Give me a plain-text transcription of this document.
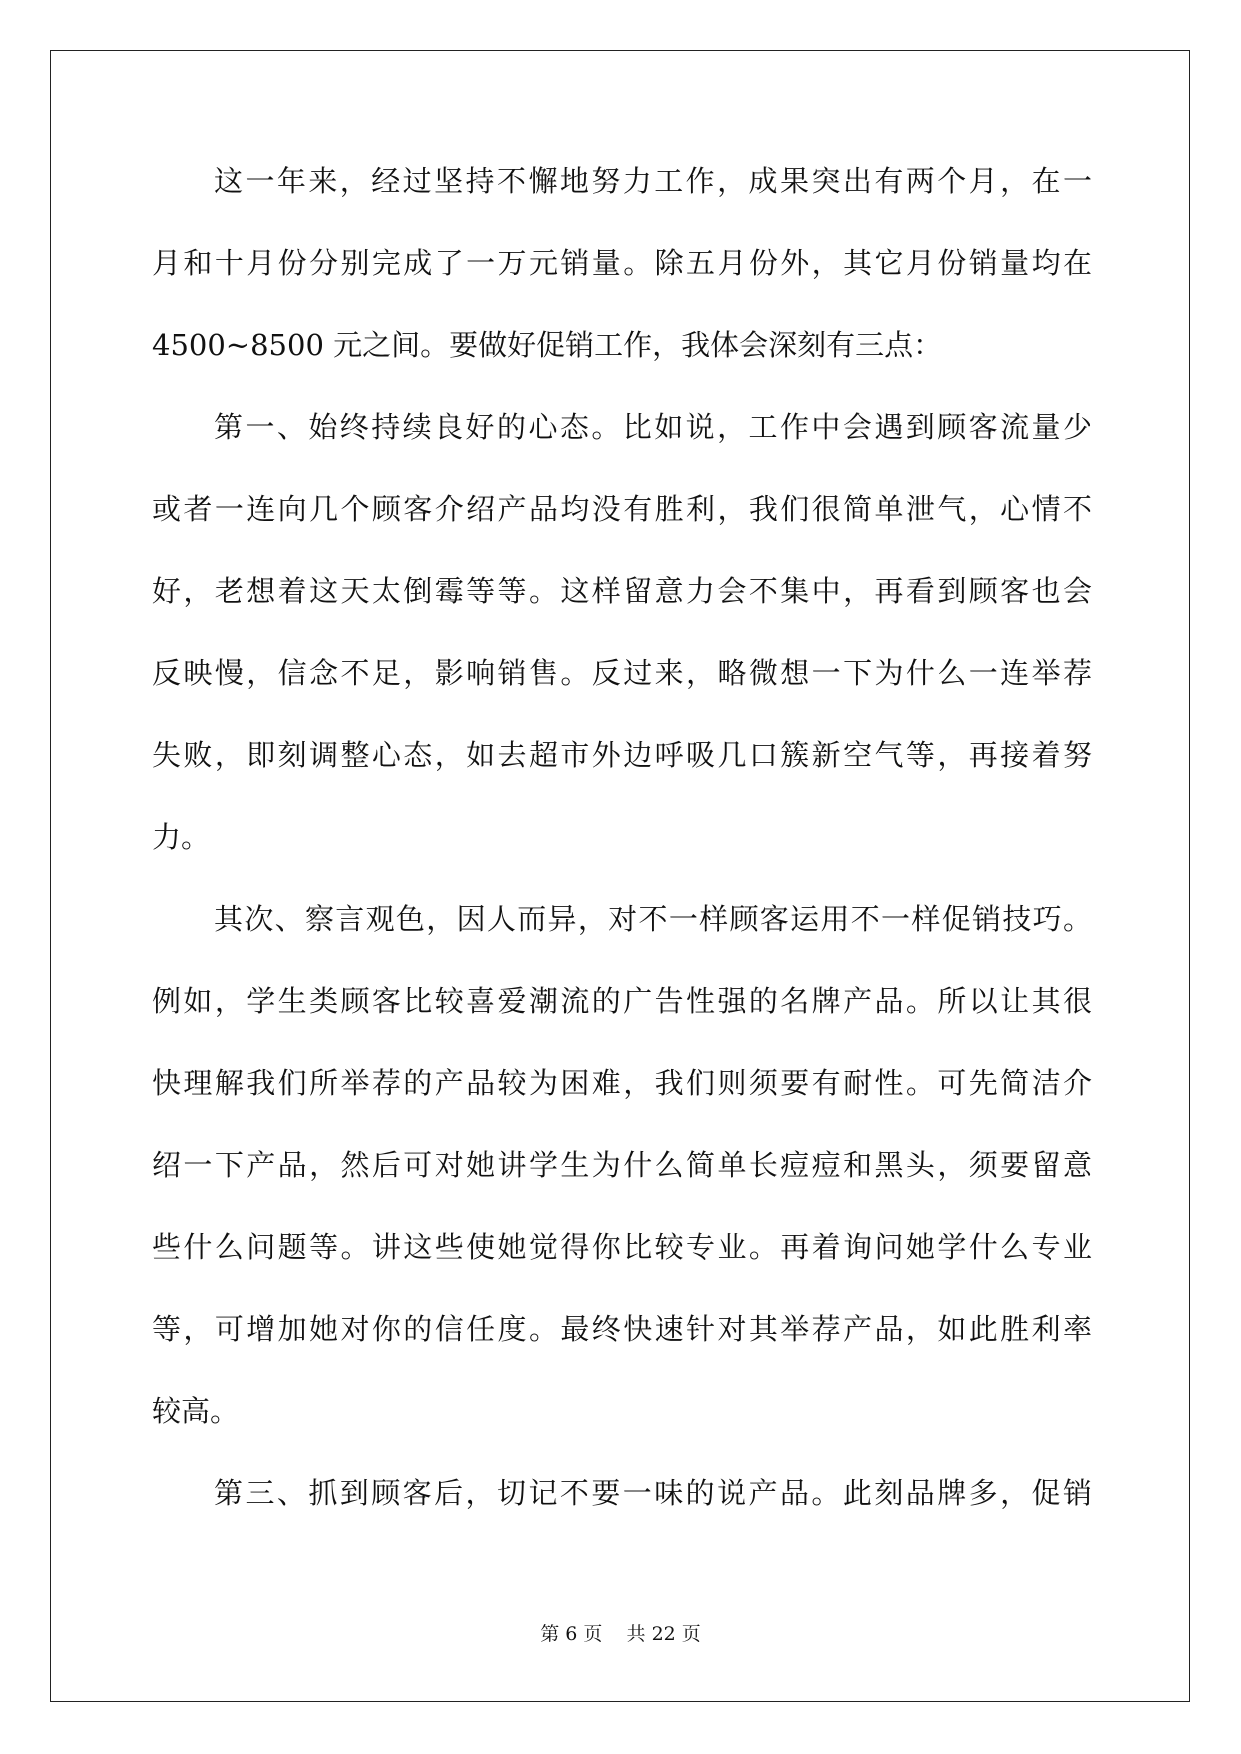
这一年来，经过坚持不懈地努力工作，成果突出有两个月，在一
月和十月份分别完成了一万元销量。除五月份外，其它月份销量均在
4500~8500 元之间。要做好促销工作，我体会深刻有三点：
第一、始终持续良好的心态。比如说，工作中会遇到顾客流量少
或者一连向几个顾客介绍产品均没有胜利，我们很简单泄气，心情不
好，老想着这天太倒霉等等。这样留意力会不集中，再看到顾客也会
反映慢，信念不足，影响销售。反过来，略微想一下为什么一连举荐
失败，即刻调整心态，如去超市外边呼吸几口簇新空气等，再接着努
力。
其次、察言观色，因人而异，对不一样顾客运用不一样促销技巧。
例如，学生类顾客比较喜爱潮流的广告性强的名牌产品。所以让其很
快理解我们所举荐的产品较为困难，我们则须要有耐性。可先简洁介
绍一下产品，然后可对她讲学生为什么简单长痘痘和黑头，须要留意
些什么问题等。讲这些使她觉得你比较专业。再着询问她学什么专业
等，可增加她对你的信任度。最终快速针对其举荐产品，如此胜利率
较高。
第三、抓到顾客后，切记不要一味的说产品。此刻品牌多，促销
第 6 页    共 22 页
